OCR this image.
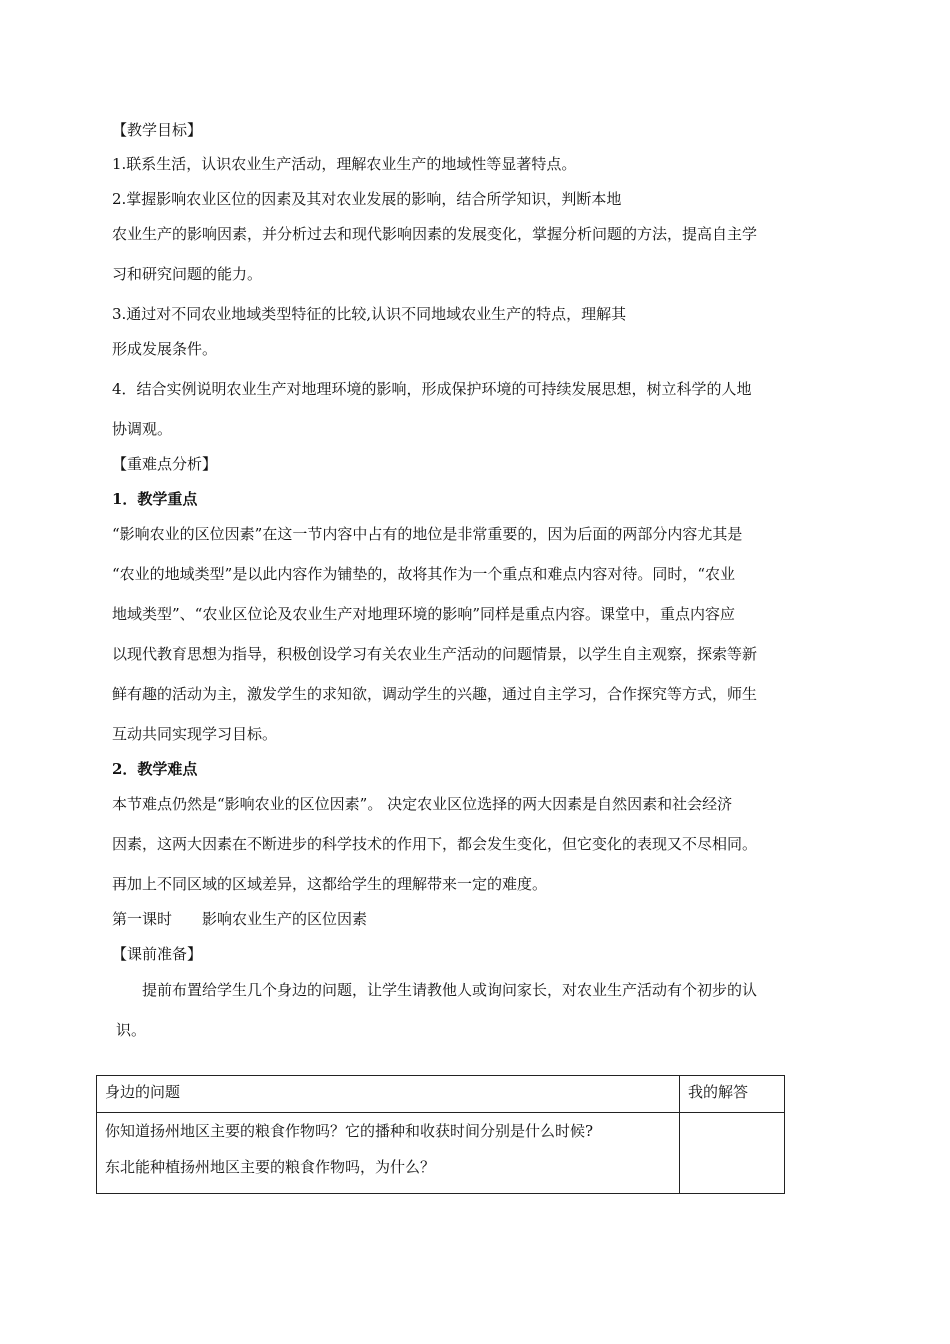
【教学目标】
1.联系生活，认识农业生产活动，理解农业生产的地域性等显著特点。
2.掌握影响农业区位的因素及其对农业发展的影响，结合所学知识，判断本地
农业生产的影响因素，并分析过去和现代影响因素的发展变化，掌握分析问题的方法，提高自主学
习和研究问题的能力。
3.通过对不同农业地域类型特征的比较,认识不同地域农业生产的特点，理解其
形成发展条件。
4．结合实例说明农业生产对地理环境的影响，形成保护环境的可持续发展思想，树立科学的人地
协调观。
【重难点分析】
1．教学重点
“影响农业的区位因素”在这一节内容中占有的地位是非常重要的，因为后面的两部分内容尤其是
“农业的地域类型”是以此内容作为铺垫的，故将其作为一个重点和难点内容对待。同时，“农业
地域类型”、“农业区位论及农业生产对地理环境的影响”同样是重点内容。课堂中，重点内容应
以现代教育思想为指导，积极创设学习有关农业生产活动的问题情景，以学生自主观察，探索等新
鲜有趣的活动为主，激发学生的求知欲，调动学生的兴趣，通过自主学习，合作探究等方式，师生
互动共同实现学习目标。
2．教学难点
本节难点仍然是“影响农业的区位因素”。 决定农业区位选择的两大因素是自然因素和社会经济
因素，这两大因素在不断进步的科学技术的作用下，都会发生变化，但它变化的表现又不尽相同。
再加上不同区域的区域差异，这都给学生的理解带来一定的难度。
第一课时 影响农业生产的区位因素
【课前准备】
提前布置给学生几个身边的问题，让学生请教他人或询问家长，对农业生产活动有个初步的认
识。
身边的问题	我的解答

你知道扬州地区主要的粮食作物吗？它的播种和收获时间分别是什么时候?
东北能种植扬州地区主要的粮食作物吗，为什么？	
